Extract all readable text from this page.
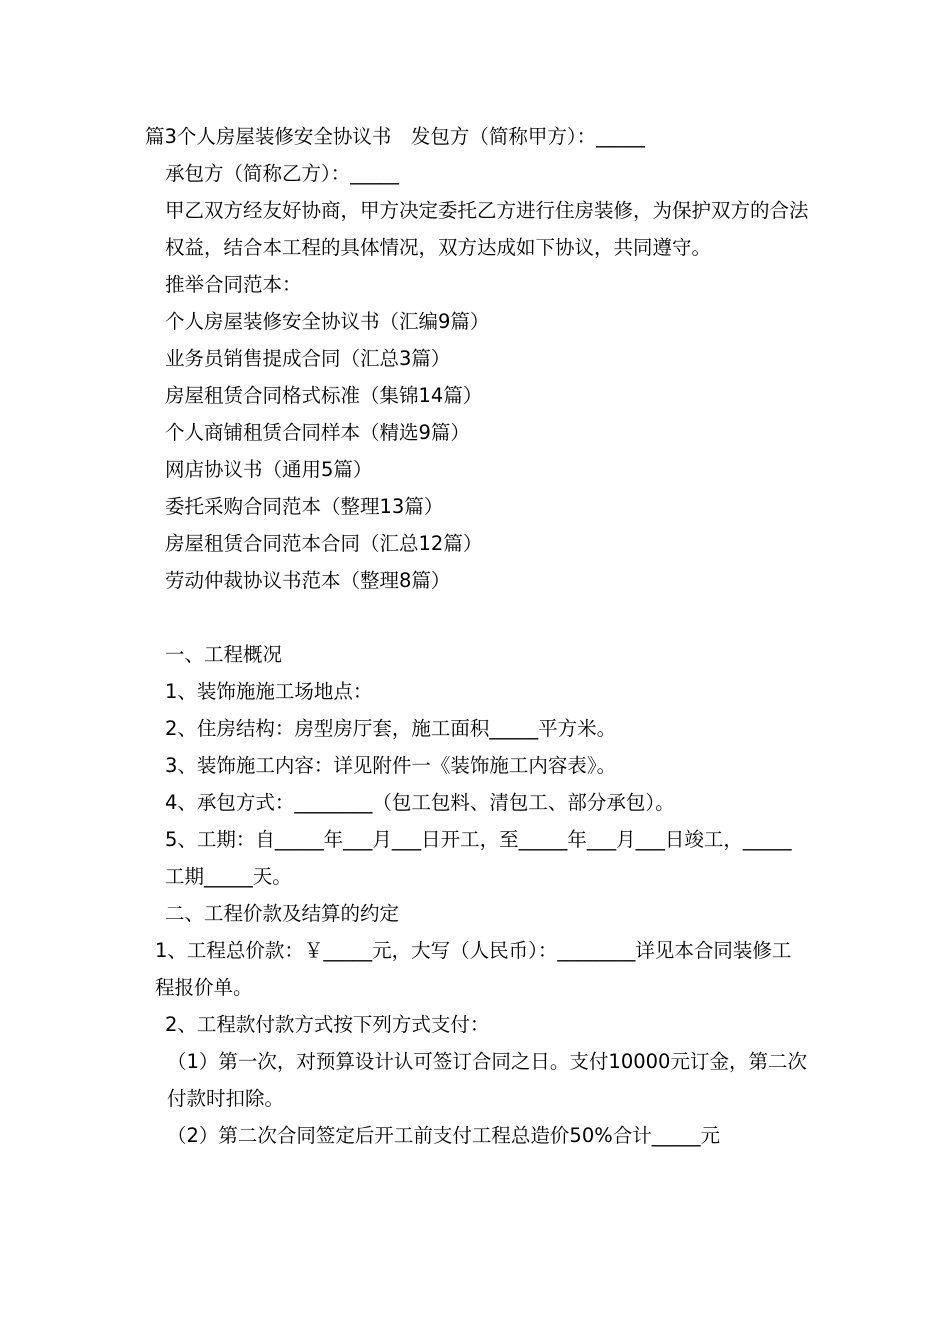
篇3个人房屋装修安全协议书　发包方（简称甲方）：_____

承包方（简称乙方）：_____

甲乙双方经友好协商，甲方决定委托乙方进行住房装修，为保护双方的合法权益，结合本工程的具体情况，双方达成如下协议，共同遵守。

推举合同范本：

个人房屋装修安全协议书（汇编9篇）

业务员销售提成合同（汇总3篇）

房屋租赁合同格式标准（集锦14篇）

个人商铺租赁合同样本（精选9篇）

网店协议书（通用5篇）

委托采购合同范本（整理13篇）

房屋租赁合同范本合同（汇总12篇）

劳动仲裁协议书范本（整理8篇）

一、工程概况

1、装饰施施工场地点：

2、住房结构：房型房厅套，施工面积_____平方米。

3、装饰施工内容：详见附件一《装饰施工内容表》。

4、承包方式：________（包工包料、清包工、部分承包）。

5、工期：自_____年___月___日开工，至_____年___月___日竣工，_____工期_____天。

二、工程价款及结算的约定

1、工程总价款：￥_____元，大写（人民币）：________详见本合同装修工程报价单。

2、工程款付款方式按下列方式支付：

（1）第一次，对预算设计认可签订合同之日。支付10000元订金，第二次付款时扣除。

（2）第二次合同签定后开工前支付工程总造价50%合计_____元
